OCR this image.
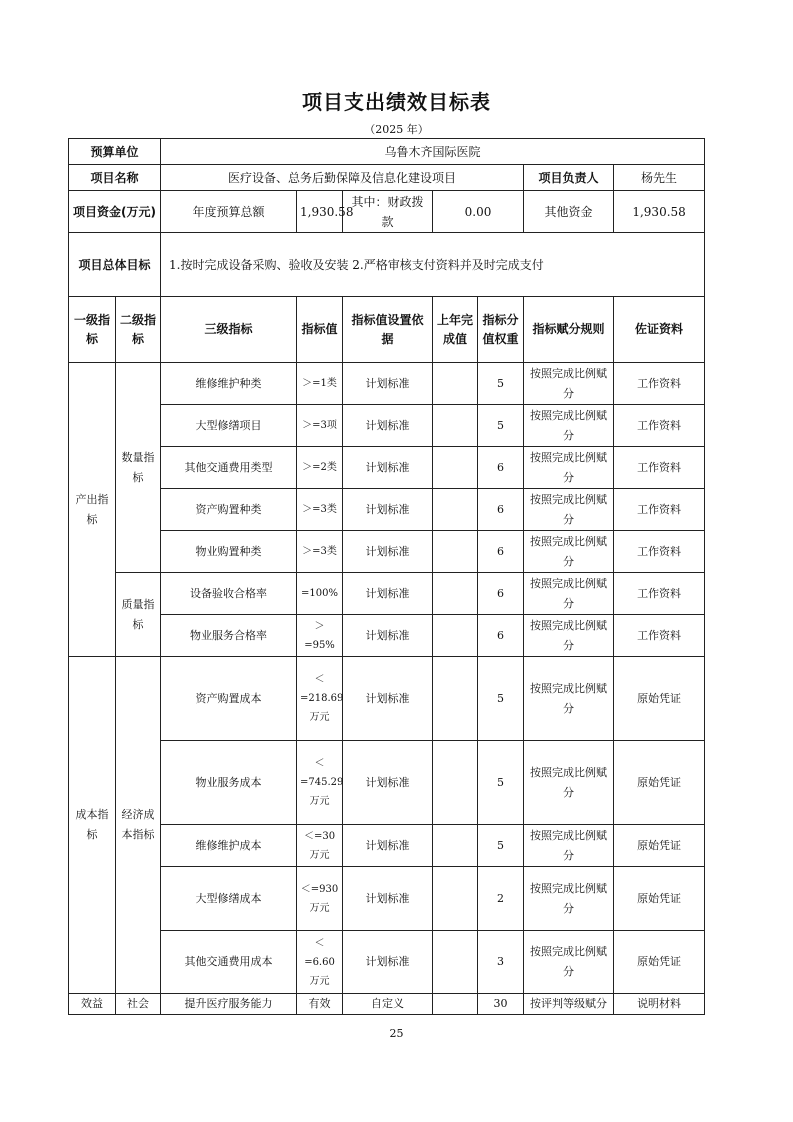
项目支出绩效目标表
（2025 年）
预算单位		乌鲁木齐国际医院						
项目名称		医疗设备、总务后勤保障及信息化建设项目					项目负责人	杨先生
项目资金(万元)		年度预算总额	1,930.58	其中：财政拨款	0.00		其他资金	1,930.58
项目总体目标		1.按时完成设备采购、验收及安装 2.严格审核支付资料并及时完成支付						
一级指标	二级指标	三级指标	指标值	指标值设置依据	上年完成值	指标分值权重	指标赋分规则	佐证资料
产出指标	数量指标	维修维护种类	＞=1类	计划标准		5	按照完成比例赋分	工作资料
		大型修缮项目	＞=3项	计划标准		5	按照完成比例赋分	工作资料
		其他交通费用类型	＞=2类	计划标准		6	按照完成比例赋分	工作资料
		资产购置种类	＞=3类	计划标准		6	按照完成比例赋分	工作资料
		物业购置种类	＞=3类	计划标准		6	按照完成比例赋分	工作资料
	质量指标	设备验收合格率	=100%	计划标准		6	按照完成比例赋分	工作资料
		物业服务合格率	＞=95%	计划标准		6	按照完成比例赋分	工作资料
成本指标	经济成本指标	资产购置成本	＜=218.69万元	计划标准		5	按照完成比例赋分	原始凭证
		物业服务成本	＜=745.29万元	计划标准		5	按照完成比例赋分	原始凭证
		维修维护成本	＜=30万元	计划标准		5	按照完成比例赋分	原始凭证
		大型修缮成本	＜=930万元	计划标准		2	按照完成比例赋分	原始凭证
		其他交通费用成本	＜=6.60万元	计划标准		3	按照完成比例赋分	原始凭证
效益	社会	提升医疗服务能力	有效	自定义		30	按评判等级赋分	说明材料
25
